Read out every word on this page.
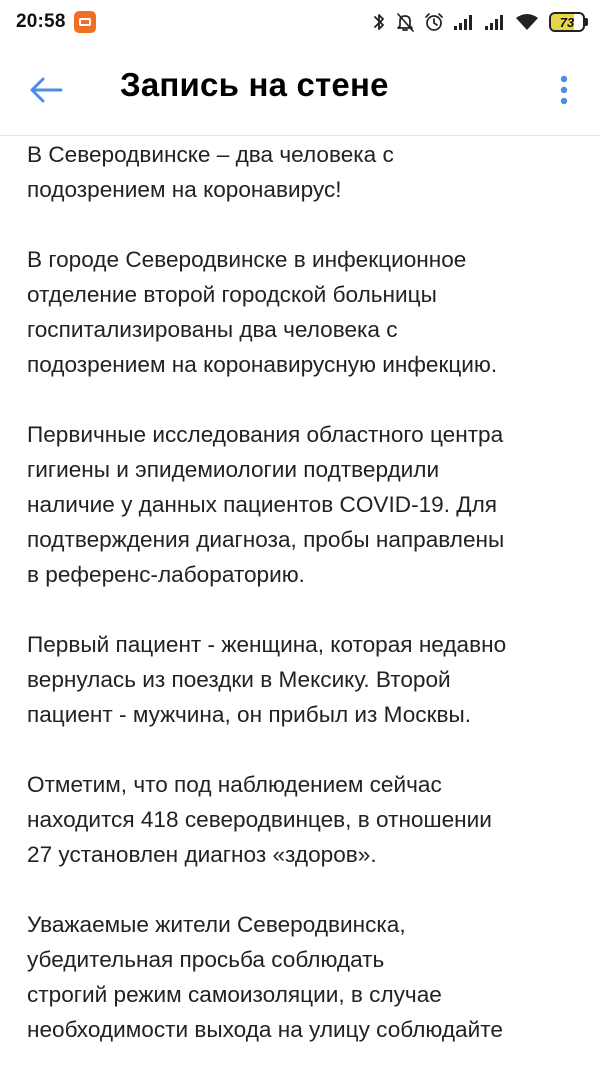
20:58	73
Запись на стене

В Северодвинске – два человека с
подозрением на коронавирус!

В городе Северодвинске в инфекционное
отделение второй городской больницы
госпитализированы два человека с
подозрением на коронавирусную инфекцию.

Первичные исследования областного центра
гигиены и эпидемиологии подтвердили
наличие у данных пациентов COVID-19. Для
подтверждения диагноза, пробы направлены
в референс-лабораторию.

Первый пациент - женщина, которая недавно
вернулась из поездки в Мексику. Второй
пациент - мужчина, он прибыл из Москвы.

Отметим, что под наблюдением сейчас
находится 418 северодвинцев, в отношении
27 установлен диагноз «здоров».

Уважаемые жители Северодвинска,
убедительная просьба соблюдать
строгий режим самоизоляции, в случае
необходимости выхода на улицу соблюдайте
